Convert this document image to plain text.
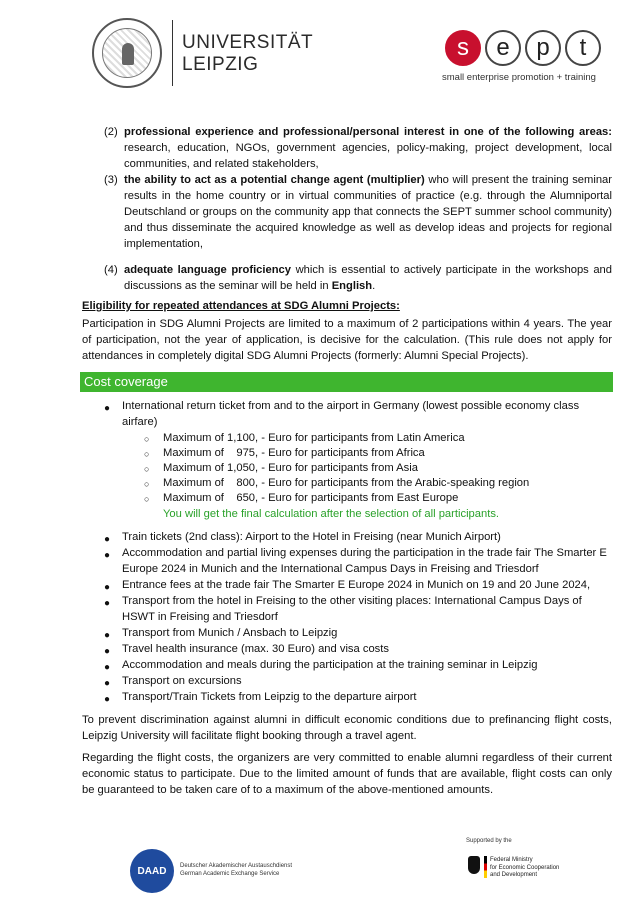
UNIVERSITÄT
LEIPZIG
s	e	p	t
small enterprise promotion + training
(2) professional experience and professional/personal interest in one of the following areas: research, education, NGOs, government agencies, policy-making, project development, local communities, and related stakeholders,
(3) the ability to act as a potential change agent (multiplier) who will present the training seminar results in the home country or in virtual communities of practice (e.g. through the Alumniportal Deutschland or groups on the community app that connects the SEPT summer school community) and thus disseminate the acquired knowledge as well as develop ideas and projects for regional implementation,
(4) adequate language proficiency which is essential to actively participate in the workshops and discussions as the seminar will be held in English.
Eligibility for repeated attendances at SDG Alumni Projects:
Participation in SDG Alumni Projects are limited to a maximum of 2 participations within 4 years. The year of participation, not the year of application, is decisive for the calculation. (This rule does not apply for attendances in completely digital SDG Alumni Projects (formerly: Alumni Special Projects).
Cost coverage
● International return ticket from and to the airport in Germany (lowest possible economy class airfare)
○ Maximum of 1,100, - Euro for participants from Latin America
○ Maximum of    975, - Euro for participants from Africa
○ Maximum of 1,050, - Euro for participants from Asia
○ Maximum of    800, - Euro for participants from the Arabic-speaking region
○ Maximum of    650, - Euro for participants from East Europe
You will get the final calculation after the selection of all participants.
● Train tickets (2nd class): Airport to the Hotel in Freising (near Munich Airport)
● Accommodation and partial living expenses during the participation in the trade fair The Smarter E Europe 2024 in Munich and the International Campus Days in Freising and Triesdorf
● Entrance fees at the trade fair The Smarter E Europe 2024 in Munich on 19 and 20 June 2024,
● Transport from the hotel in Freising to the other visiting places: International Campus Days of HSWT in Freising and Triesdorf
● Transport from Munich / Ansbach to Leipzig
● Travel health insurance (max. 30 Euro) and visa costs
● Accommodation and meals during the participation at the training seminar in Leipzig
● Transport on excursions
● Transport/Train Tickets from Leipzig to the departure airport
To prevent discrimination against alumni in difficult economic conditions due to prefinancing flight costs, Leipzig University will facilitate flight booking through a travel agent.
Regarding the flight costs, the organizers are very committed to enable alumni regardless of their current economic status to participate. Due to the limited amount of funds that are available, flight costs can only be guaranteed to be taken care of to a maximum of the above-mentioned amounts.
DAAD	Deutscher Akademischer Austauschdienst
German Academic Exchange Service
Supported by the
Federal Ministry
for Economic Cooperation
and Development
